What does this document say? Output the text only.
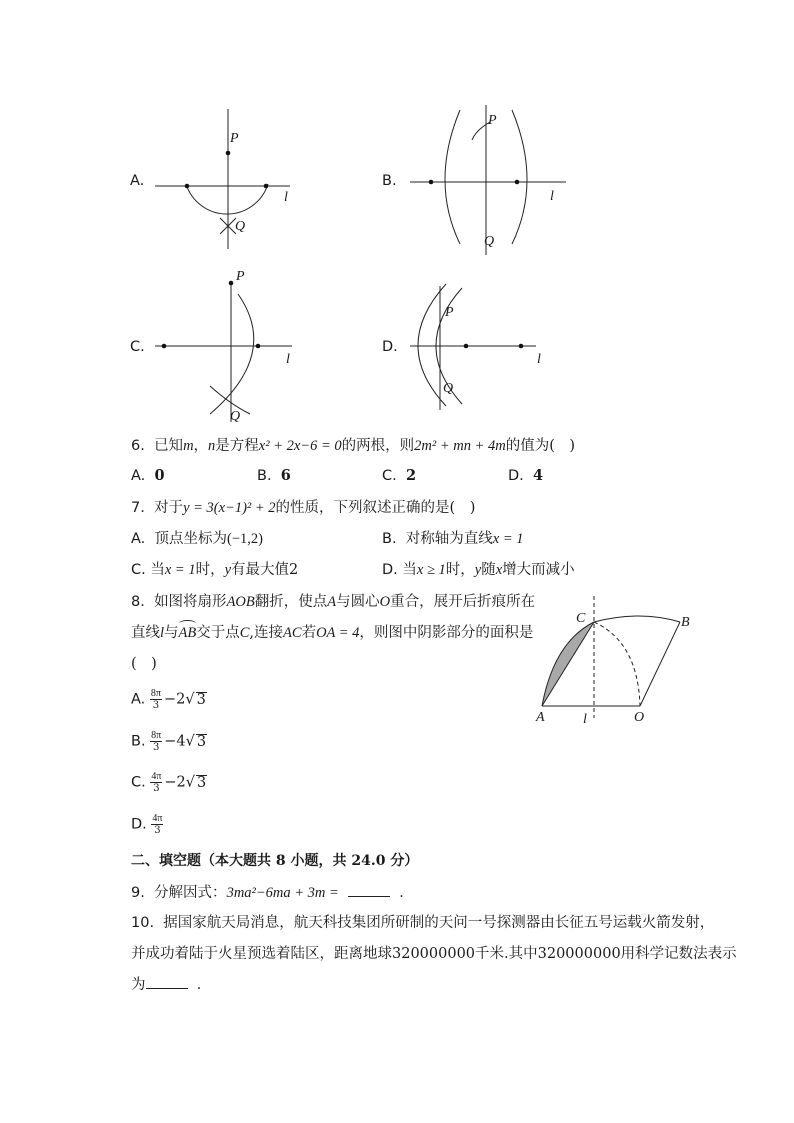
A.
P
Q
l
B.
P
Q
l
C.
P
Q
l
D.
P
Q
l
6. 已知m，n是方程x² + 2x−6 = 0的两根，则2m² + mn + 4m的值为(　)
A. 0	B. 6	C. 2	D. 4
7. 对于y = 3(x−1)² + 2的性质，下列叙述正确的是(　)
A. 顶点坐标为(−1,2)	B. 对称轴为直线x = 1
C. 当x = 1时，y有最大值2	D. 当x ≥ 1时，y随x增大而减小
8. 如图将扇形AOB翻折，使点A与圆心O重合，展开后折痕所在
直线l与
AB交于点C,连接AC若OA = 4，则图中阴影部分的面积是
(　)
A. $\frac{8\pi}{3} -2√$ 3
B. $\frac{8\pi}{3} -4√$ 3
C. $\frac{4\pi}{3} -2√$ 3
D. $\frac{4\pi}{3}$
C	B
A	O
l
二、填空题（本大题共 8 小题，共 24.0 分）
9. 分解因式：3ma²−6ma + 3m =	．
10. 据国家航天局消息，航天科技集团所研制的天问一号探测器由长征五号运载火箭发射，
并成功着陆于火星预选着陆区，距离地球320000000千米.其中320000000用科学记数法表示
为	．
